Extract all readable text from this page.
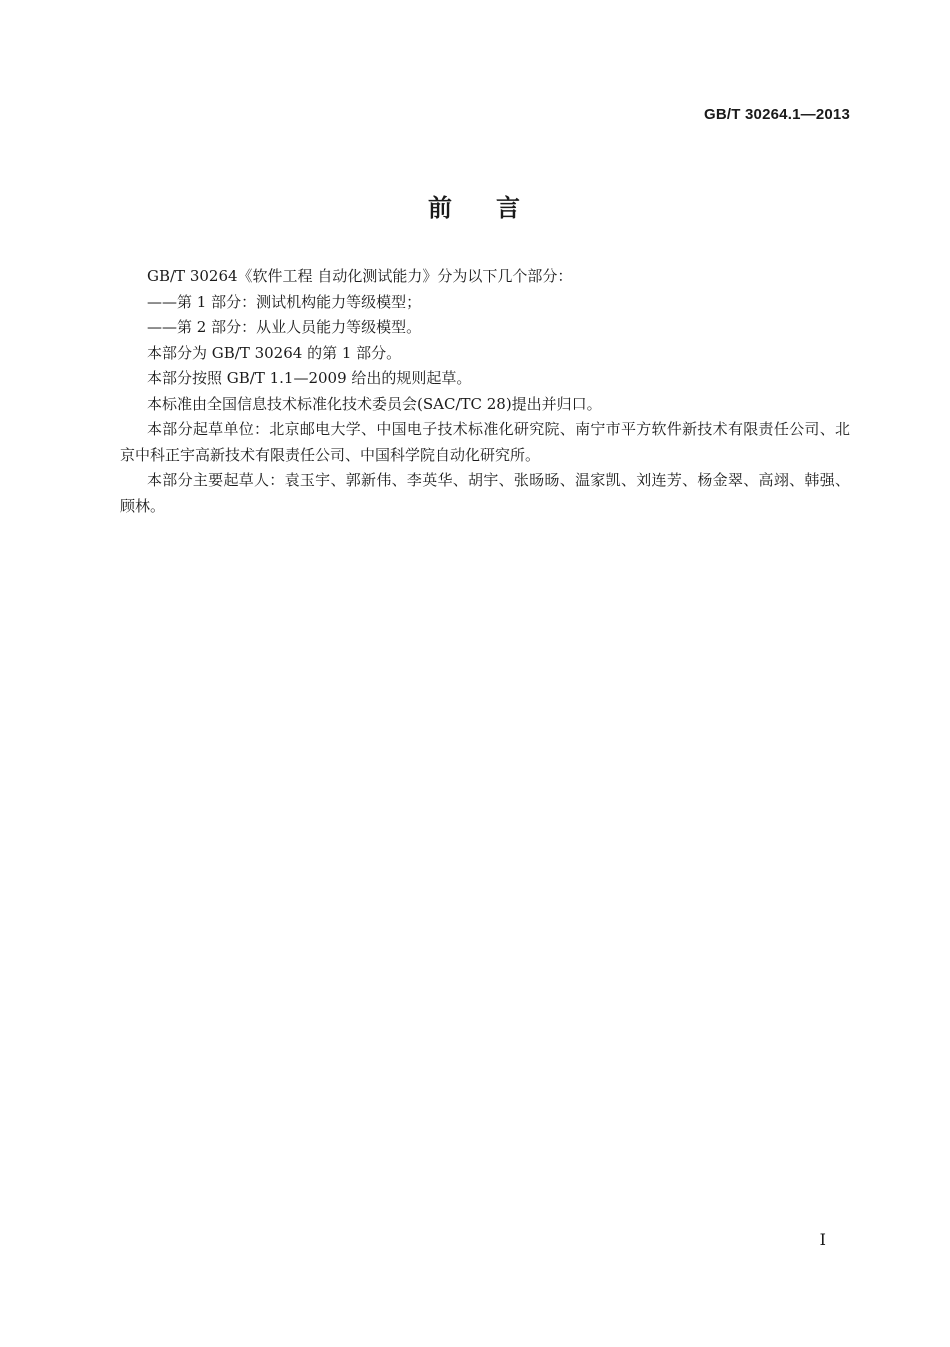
GB/T 30264.1—2013
前 言

GB/T 30264《软件工程 自动化测试能力》分为以下几个部分：

——第 1 部分：测试机构能力等级模型；

——第 2 部分：从业人员能力等级模型。

本部分为 GB/T 30264 的第 1 部分。

本部分按照 GB/T 1.1—2009 给出的规则起草。

本标准由全国信息技术标准化技术委员会(SAC/TC 28)提出并归口。

本部分起草单位：北京邮电大学、中国电子技术标准化研究院、南宁市平方软件新技术有限责任公司、北京中科正宇高新技术有限责任公司、中国科学院自动化研究所。

本部分主要起草人：袁玉宇、郭新伟、李英华、胡宇、张旸旸、温家凯、刘连芳、杨金翠、高翊、韩强、顾林。

I
